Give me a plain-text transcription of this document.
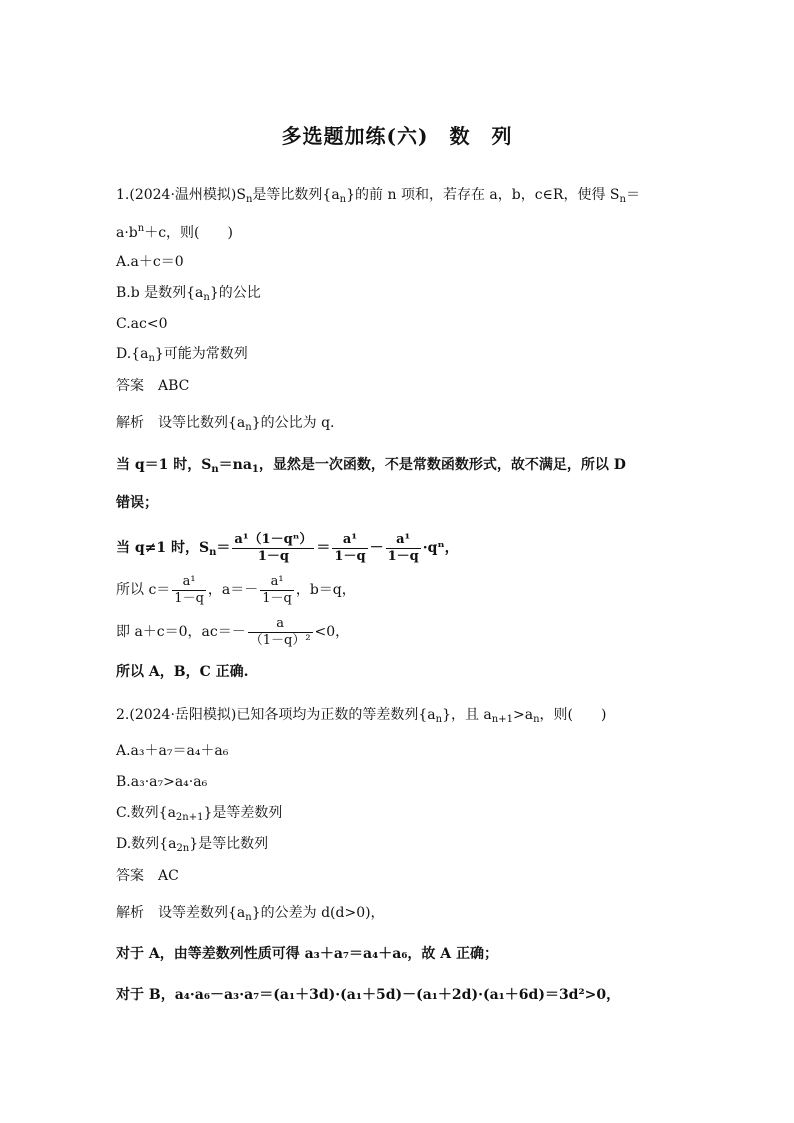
多选题加练(六)　数　列
1.(2024·温州模拟)$S_n$是等比数列$\{a_n\}$的前 n 项和，若存在 a，b，c∈R，使得 $S_n=$
$a\cdot b^n+c$，则(　　)
A.a＋c＝0
B.b 是数列$\{a_n\}$的公比
C.ac<0
$D.\{a_n\}$可能为常数列
答案　 ABC
解析　 设等比数列$\{a_n\}$的公比为 q.
当 q＝1 时，$S_n=na_1$，显然是一次函数，不是常数函数形式，故不满足，所以 D
错误；
当 q≠1 时，$S_n= \frac{\text{a¹（1－qⁿ）}}{1-q} = \frac{\text{a¹}}{1-q} - \frac{\text{a¹}}{1-q} \cdot q^n$，
所以 $c= \frac{\text{a¹}}{1-q}$ ，$a=- \frac{\text{a¹}}{1-q}$ ，b＝q，
即 a＋c＝0，$ac=- \frac{a}{\text{（1－q）²}} <0$，
所以 A，B，C 正确.
2.(2024·岳阳模拟)已知各项均为正数的等差数列$\{a_n\}$，且 $a_{n+1}>a_n$，则(　　)
A.a₃＋a₇＝a₄＋a₆
B.a₃·a₇>a₄·a₆
C.数列$\{a_{2n+1}\}$是等差数列
D.数列$\{a_{2n}\}$是等比数列
答案　 AC
解析　 设等差数列$\{a_n\}$的公差为 d(d>0)，
对于 A，由等差数列性质可得 a₃＋a₇＝a₄＋a₆，故 A 正确；
对于 B，a₄·a₆－a₃·a₇＝(a₁＋3d)·(a₁＋5d)－(a₁＋2d)·(a₁＋6d)＝3d²>0，
